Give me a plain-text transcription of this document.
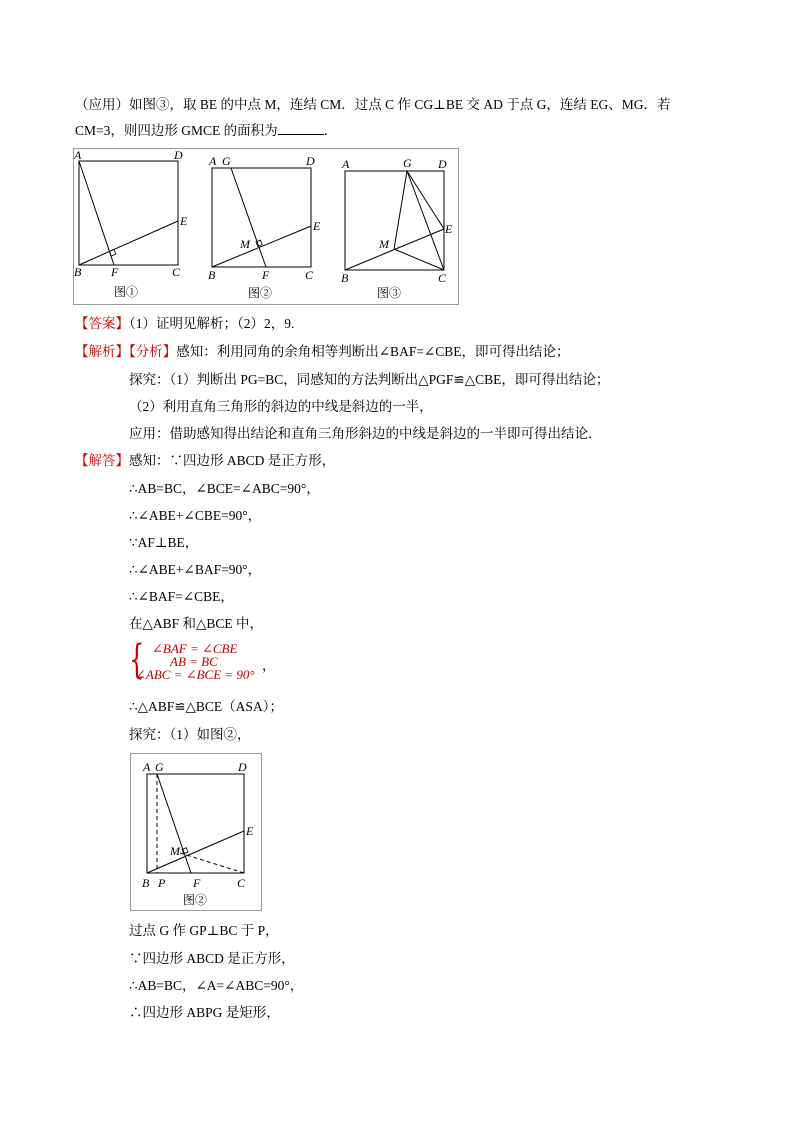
（应用）如图③，取 BE 的中点 M，连结 CM．过点 C 作 CG⊥BE 交 AD 于点 G，连结 EG、MG．若
CM=3，则四边形 GMCE 的面积为	．
A	D
E
B F	C
图①
A G	D
E
M
B	F	C
图②
A	G D
E
M
B	C
图③
【答案】（1）证明见解析；（2）2，9.
【解析】【分析】感知：利用同角的余角相等判断出∠BAF=∠CBE，即可得出结论；
探究：（1）判断出 PG=BC，同感知的方法判断出△PGF≌△CBE，即可得出结论；
（2）利用直角三角形的斜边的中线是斜边的一半，
应用：借助感知得出结论和直角三角形斜边的中线是斜边的一半即可得出结论．
【解答】感知：∵四边形 ABCD 是正方形，
∴AB=BC，∠BCE=∠ABC=90°，
∴∠ABE+∠CBE=90°，
∵AF⊥BE，
∴∠ABE+∠BAF=90°，
∴∠BAF=∠CBE，
在△ABF 和△BCE 中，
{ ∠BAF = ∠CBE
AB = BC
∠ABC = ∠BCE = 90°
，
∴△ABF≌△BCE（ASA）；
探究：（1）如图②，
A G	D
E
M
B P F	C
图②
过点 G 作 GP⊥BC 于 P，
∵四边形 ABCD 是正方形，
∴AB=BC，∠A=∠ABC=90°，
∴四边形 ABPG 是矩形，
